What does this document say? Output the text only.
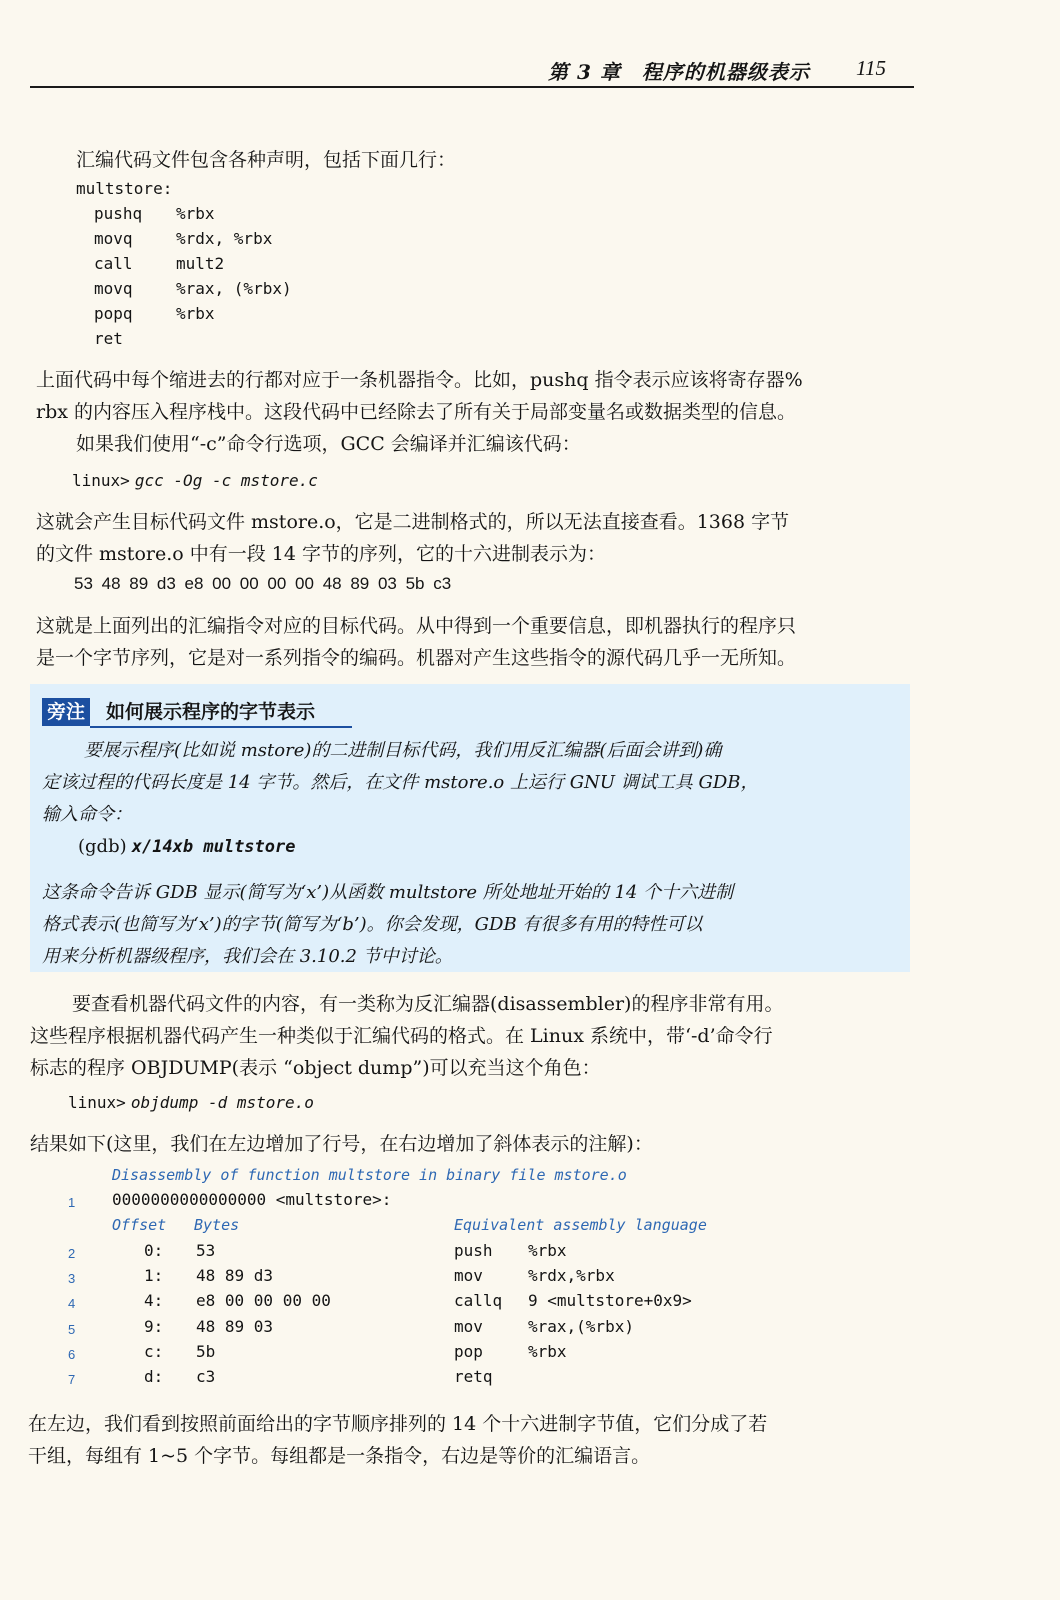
第 3 章　程序的机器级表示	115

汇编代码文件包含各种声明，包括下面几行：

multstore:
pushq %rbx
movq	%rdx, %rbx
call	mult2
movq	%rax, (%rbx)
popq	%rbx
ret

上面代码中每个缩进去的行都对应于一条机器指令。比如，pushq 指令表示应该将寄存器%

rbx 的内容压入程序栈中。这段代码中已经除去了所有关于局部变量名或数据类型的信息。

如果我们使用“-c”命令行选项，GCC 会编译并汇编该代码：

linux> gcc -Og -c mstore.c

这就会产生目标代码文件 mstore.o，它是二进制格式的，所以无法直接查看。1368 字节

的文件 mstore.o 中有一段 14 字节的序列，它的十六进制表示为：

53 48 89 d3 e8 00 00 00 00 48 89 03 5b c3

这就是上面列出的汇编指令对应的目标代码。从中得到一个重要信息，即机器执行的程序只

是一个字节序列，它是对一系列指令的编码。机器对产生这些指令的源代码几乎一无所知。

旁注 如何展示程序的字节表示
要展示程序(比如说 mstore)的二进制目标代码，我们用反汇编器(后面会讲到)确
定该过程的代码长度是 14 字节。然后，在文件 mstore.o 上运行 GNU 调试工具 GDB，
输入命令：
(gdb) x/14xb multstore
这条命令告诉 GDB 显示(简写为‘x’)从函数 multstore 所处地址开始的 14 个十六进制
格式表示(也简写为‘x’)的字节(简写为‘b’)。你会发现，GDB 有很多有用的特性可以
用来分析机器级程序，我们会在 3.10.2 节中讨论。

要查看机器代码文件的内容，有一类称为反汇编器(disassembler)的程序非常有用。

这些程序根据机器代码产生一种类似于汇编代码的格式。在 Linux 系统中，带‘-d’命令行

标志的程序 OBJDUMP(表示 “object dump”)可以充当这个角色：

linux> objdump -d mstore.o

结果如下(这里，我们在左边增加了行号，在右边增加了斜体表示的注解)：

Disassembly of function multstore in binary file mstore.o
1 0000000000000000 <multstore>:
Offset Bytes	Equivalent assembly language
2	0: 53	push %rbx
3	1: 48 89 d3	mov	%rdx,%rbx
4	4: e8 00 00 00 00	callq 9 <multstore+0x9>
5	9: 48 89 03	mov	%rax,(%rbx)
6	c: 5b	pop	%rbx
7	d: c3	retq

在左边，我们看到按照前面给出的字节顺序排列的 14 个十六进制字节值，它们分成了若

干组，每组有 1~5 个字节。每组都是一条指令，右边是等价的汇编语言。
